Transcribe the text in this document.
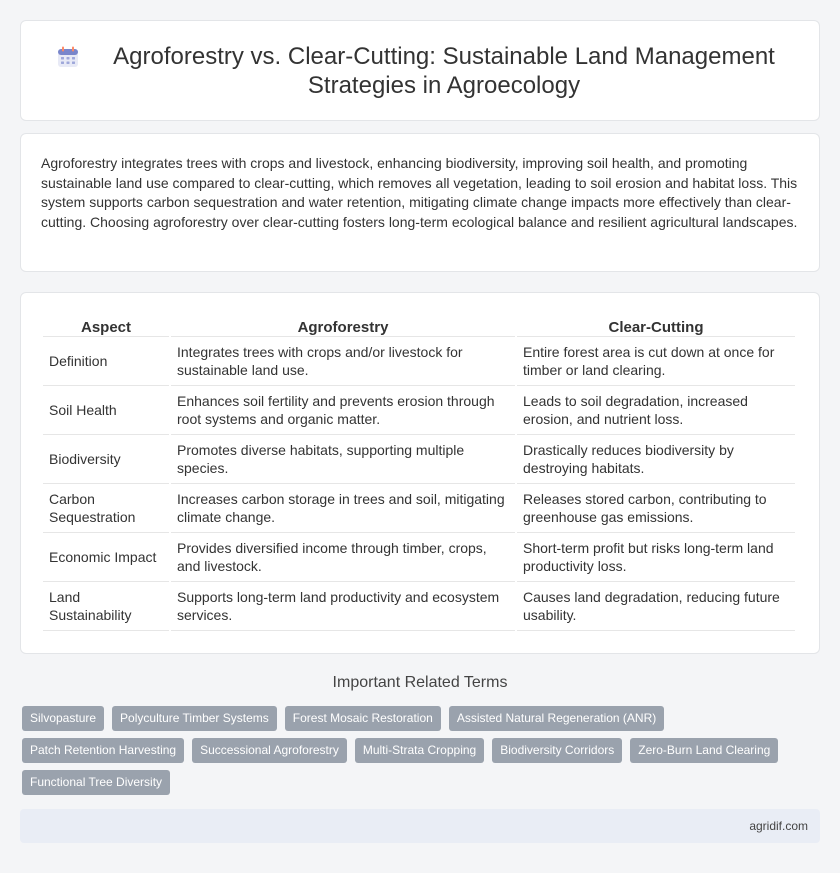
Agroforestry vs. Clear-Cutting: Sustainable Land Management Strategies in Agroecology

Agroforestry integrates trees with crops and livestock, enhancing biodiversity, improving soil health, and promoting sustainable land use compared to clear-cutting, which removes all vegetation, leading to soil erosion and habitat loss. This system supports carbon sequestration and water retention, mitigating climate change impacts more effectively than clear-cutting. Choosing agroforestry over clear-cutting fosters long-term ecological balance and resilient agricultural landscapes.

Aspect	Agroforestry	Clear-Cutting
Definition	Integrates trees with crops and/or livestock for sustainable land use.	Entire forest area is cut down at once for timber or land clearing.
Soil Health	Enhances soil fertility and prevents erosion through root systems and organic matter.	Leads to soil degradation, increased erosion, and nutrient loss.
Biodiversity	Promotes diverse habitats, supporting multiple species.	Drastically reduces biodiversity by destroying habitats.
Carbon Sequestration	Increases carbon storage in trees and soil, mitigating climate change.	Releases stored carbon, contributing to greenhouse gas emissions.
Economic Impact	Provides diversified income through timber, crops, and livestock.	Short-term profit but risks long-term land productivity loss.
Land Sustainability	Supports long-term land productivity and ecosystem services.	Causes land degradation, reducing future usability.
Important Related Terms
Silvopasture	Polyculture Timber Systems	Forest Mosaic Restoration	Assisted Natural Regeneration (ANR)
Patch Retention Harvesting	Successional Agroforestry	Multi-Strata Cropping	Biodiversity Corridors	Zero-Burn Land Clearing
Functional Tree Diversity
agridif.com
